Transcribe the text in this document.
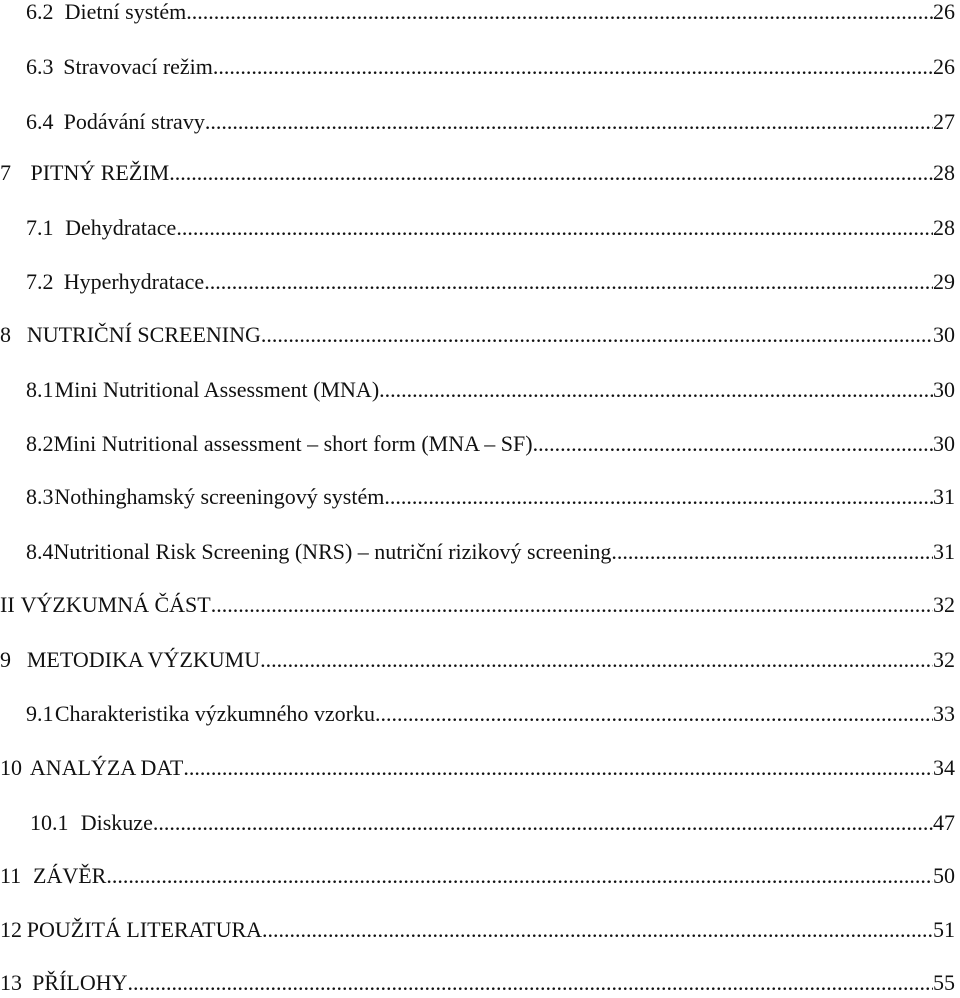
6.2 Dietní systém .....	26
6.3 Stravovací režim .....	26
6.4 Podávání stravy .....	27
7 PITNÝ REŽIM .....	28
7.1 Dehydratace .....	28
7.2 Hyperhydratace .....	29
8 NUTRIČNÍ SCREENING .....	30
8.1 Mini Nutritional Assessment (MNA) .....	30
8.2 Mini Nutritional assessment – short form (MNA – SF) .....	30
8.3 Nothinghamský screeningový systém .....	31
8.4 Nutritional Risk Screening (NRS) – nutriční rizikový screening .....	31
II VÝZKUMNÁ ČÁST .....	32
9 METODIKA VÝZKUMU .....	32
9.1 Charakteristika výzkumného vzorku .....	33
10 ANALÝZA DAT .....	34
10.1 Diskuze .....	47
11 ZÁVĚR .....	50
12 POUŽITÁ LITERATURA .....	51
13 PŘÍLOHY .....	55
